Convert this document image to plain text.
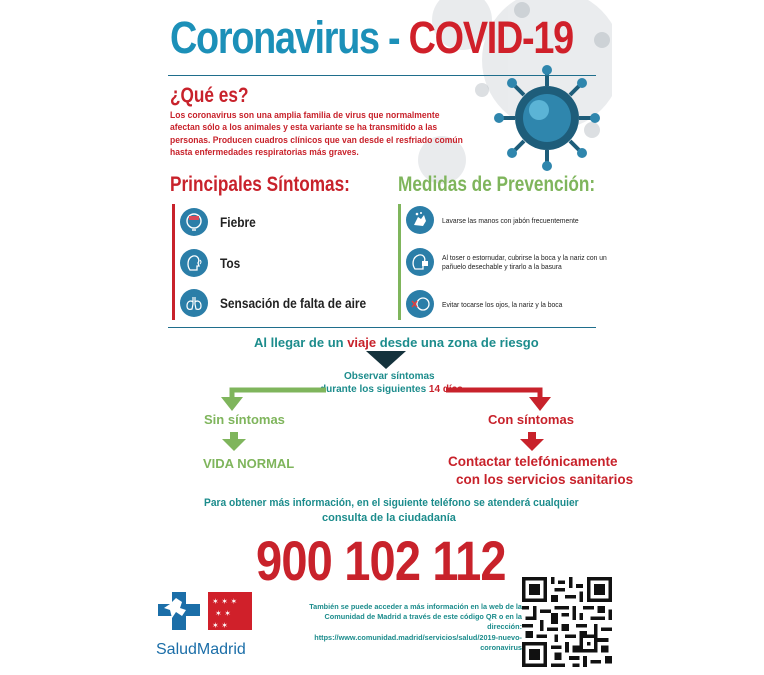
Coronavirus - COVID-19
¿Qué es?
Los coronavirus son una amplia familia de virus que normalmente afectan sólo a los animales y esta variante se ha transmitido a las personas. Producen cuadros clínicos que van desde el resfriado común hasta enfermedades respiratorias más graves.
Principales Síntomas:
Fiebre
Tos
Sensación de falta de aire
Medidas de Prevención:
Lavarse las manos con jabón frecuentemente
Al toser o estornudar, cubrirse la boca y la nariz con un pañuelo desechable y tirarlo a la basura
Evitar tocarse los ojos, la nariz y la boca
Al llegar de un viaje desde una zona de riesgo
Observar síntomas
durante los siguientes 14 días
Sin síntomas	Con síntomas
VIDA NORMAL	Contactar telefónicamente
con los servicios sanitarios
Para obtener más información, en el siguiente teléfono se atenderá cualquier
consulta de la ciudadanía
900 102 112
✶ ✶ ✶
✶ ✶
✶ ✶
SaludMadrid
También se puede acceder a más información en la web de la Comunidad de Madrid a través de este código QR o en la dirección:
https://www.comunidad.madrid/servicios/salud/2019-nuevo-coronavirus
